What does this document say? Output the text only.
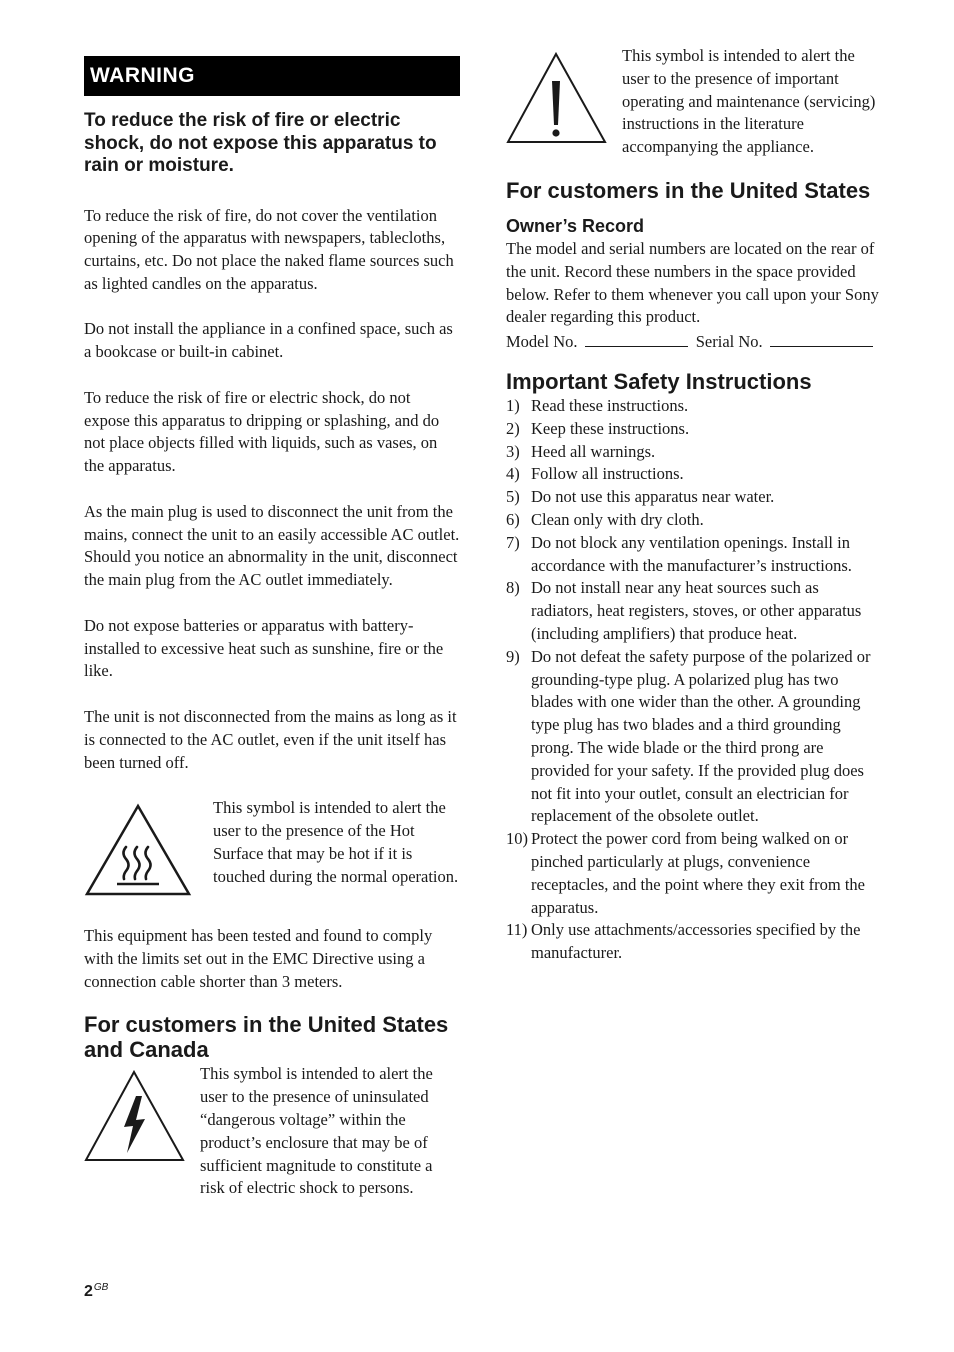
WARNING

To reduce the risk of fire or electric shock, do not expose this apparatus to rain or moisture.

To reduce the risk of fire, do not cover the ventilation opening of the apparatus with newspapers, tablecloths, curtains, etc. Do not place the naked flame sources such as lighted candles on the apparatus.

Do not install the appliance in a confined space, such as a bookcase or built-in cabinet.

To reduce the risk of fire or electric shock, do not expose this apparatus to dripping or splashing, and do not place objects filled with liquids, such as vases, on the apparatus.

As the main plug is used to disconnect the unit from the mains, connect the unit to an easily accessible AC outlet. Should you notice an abnormality in the unit, disconnect the main plug from the AC outlet immediately.

Do not expose batteries or apparatus with battery-installed to excessive heat such as sunshine, fire or the like.

The unit is not disconnected from the mains as long as it is connected to the AC outlet, even if the unit itself has been turned off.

This symbol is intended to alert the user to the presence of the Hot Surface that may be hot if it is touched during the normal operation.

This equipment has been tested and found to comply with the limits set out in the EMC Directive using a connection cable shorter than 3 meters.

For customers in the United States and Canada

This symbol is intended to alert the user to the presence of uninsulated “dangerous voltage” within the product’s enclosure that may be of sufficient magnitude to constitute a risk of electric shock to persons.

This symbol is intended to alert the user to the presence of important operating and maintenance (servicing) instructions in the literature accompanying the appliance.

For customers in the United States
Owner’s Record

The model and serial numbers are located on the rear of the unit. Record these numbers in the space provided below. Refer to them whenever you call upon your Sony dealer regarding this product.

Model No.	Serial No.

Important Safety Instructions
1) Read these instructions.
2) Keep these instructions.
3) Heed all warnings.
4) Follow all instructions.
5) Do not use this apparatus near water.
6) Clean only with dry cloth.
7) Do not block any ventilation openings. Install in accordance with the manufacturer’s instructions.
8) Do not install near any heat sources such as radiators, heat registers, stoves, or other apparatus (including amplifiers) that produce heat.
9) Do not defeat the safety purpose of the polarized or grounding-type plug. A polarized plug has two blades with one wider than the other. A grounding type plug has two blades and a third grounding prong. The wide blade or the third prong are provided for your safety. If the provided plug does not fit into your outlet, consult an electrician for replacement of the obsolete outlet.
10) Protect the power cord from being walked on or pinched particularly at plugs, convenience receptacles, and the point where they exit from the apparatus.
11) Only use attachments/accessories specified by the manufacturer.
$2^{GB}$
